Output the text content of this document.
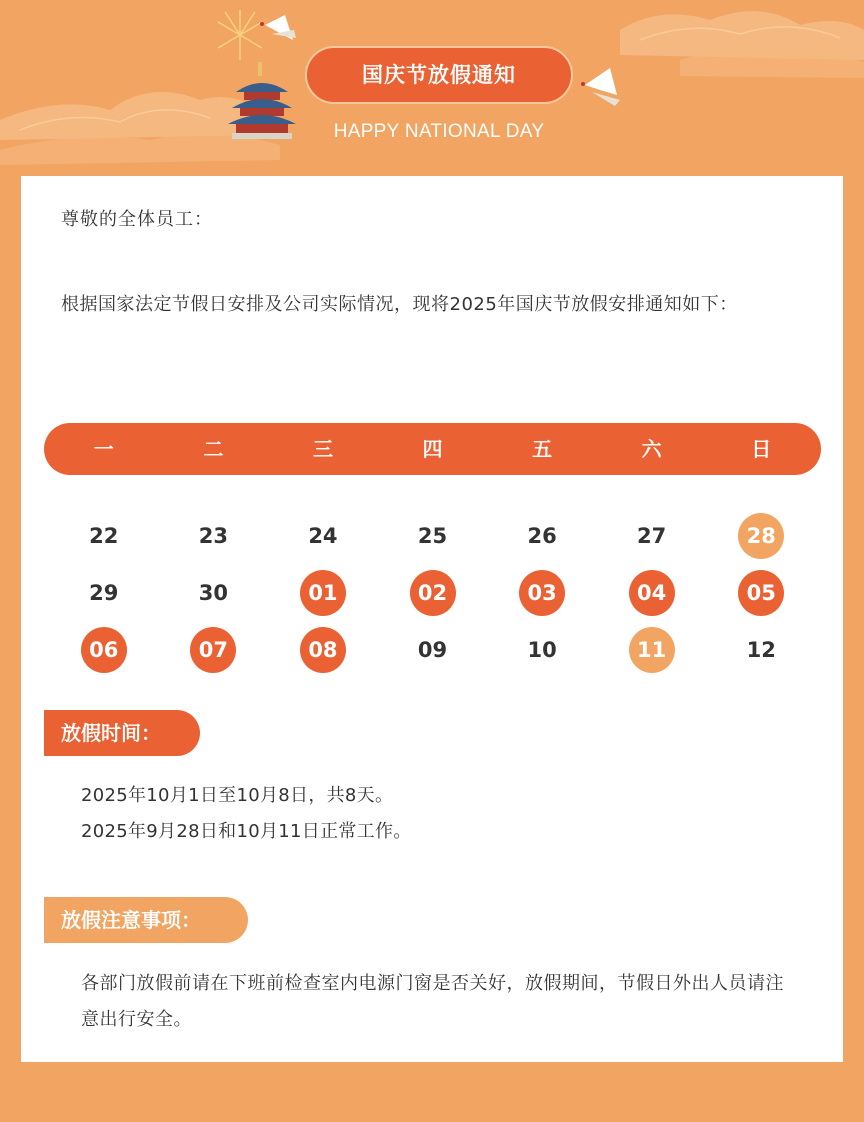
国庆节放假通知
HAPPY NATIONAL DAY
尊敬的全体员工：
根据国家法定节假日安排及公司实际情况，现将2025年国庆节放假安排通知如下：
一	二	三	四	五	六	日
22	23	24	25	26	27	28
29	30	01	02	03	04	05
06	07	08	09	10	11	12
放假时间：
2025年10月1日至10月8日，共8天。
2025年9月28日和10月11日正常工作。
放假注意事项：
各部门放假前请在下班前检查室内电源门窗是否关好，放假期间，节假日外出人员请注意出行安全。
